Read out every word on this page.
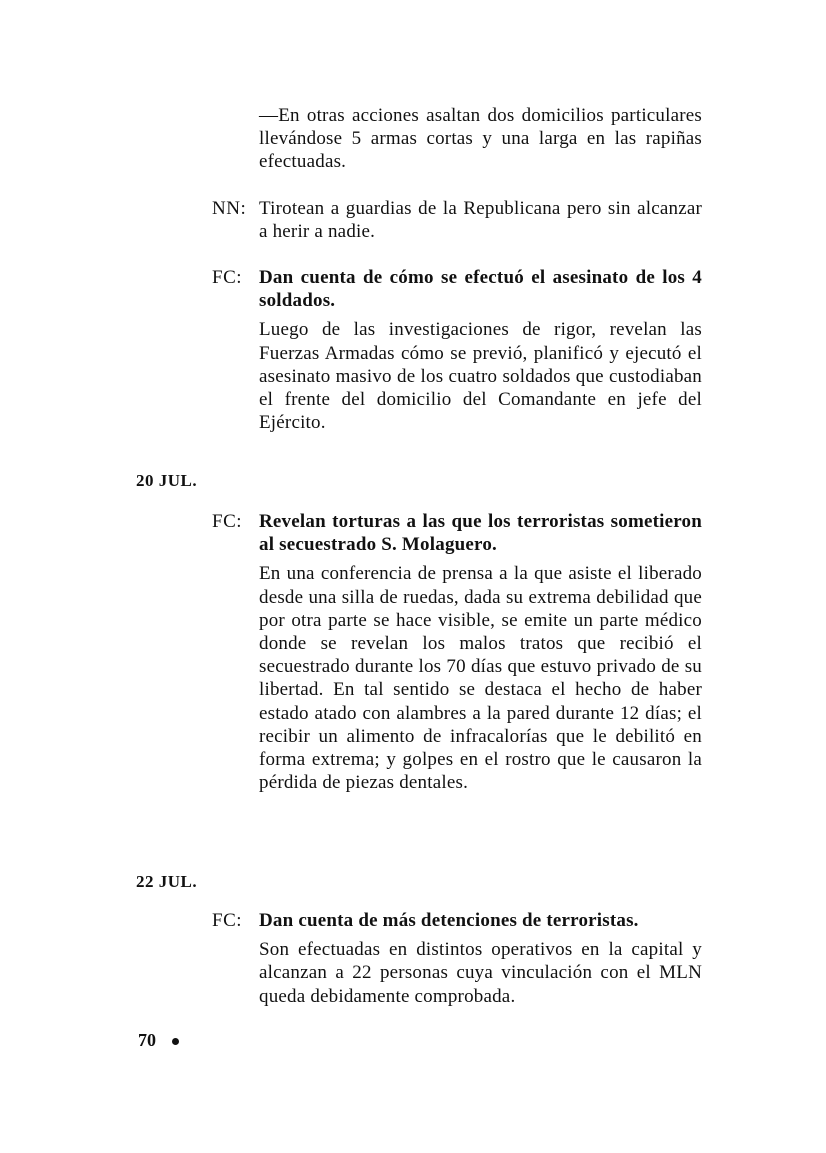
—En otras acciones asaltan dos domicilios particulares llevándose 5 armas cortas y una larga en las rapiñas efectuadas.
NN: Tirotean a guardias de la Republicana pero sin alcanzar a herir a nadie.
FC: Dan cuenta de cómo se efectuó el asesinato de los 4 soldados.
Luego de las investigaciones de rigor, revelan las Fuerzas Armadas cómo se previó, planificó y ejecutó el asesinato masivo de los cuatro soldados que custodiaban el frente del domicilio del Comandante en jefe del Ejército.
20 JUL.
FC: Revelan torturas a las que los terroristas sometieron al secuestrado S. Molaguero.
En una conferencia de prensa a la que asiste el liberado desde una silla de ruedas, dada su extrema debilidad que por otra parte se hace visible, se emite un parte médico donde se revelan los malos tratos que recibió el secuestrado durante los 70 días que estuvo privado de su libertad. En tal sentido se destaca el hecho de haber estado atado con alambres a la pared durante 12 días; el recibir un alimento de infracalorías que le debilitó en forma extrema; y golpes en el rostro que le causaron la pérdida de piezas dentales.
22 JUL.
FC: Dan cuenta de más detenciones de terroristas.
Son efectuadas en distintos operativos en la capital y alcanzan a 22 personas cuya vinculación con el MLN queda debidamente comprobada.
70
